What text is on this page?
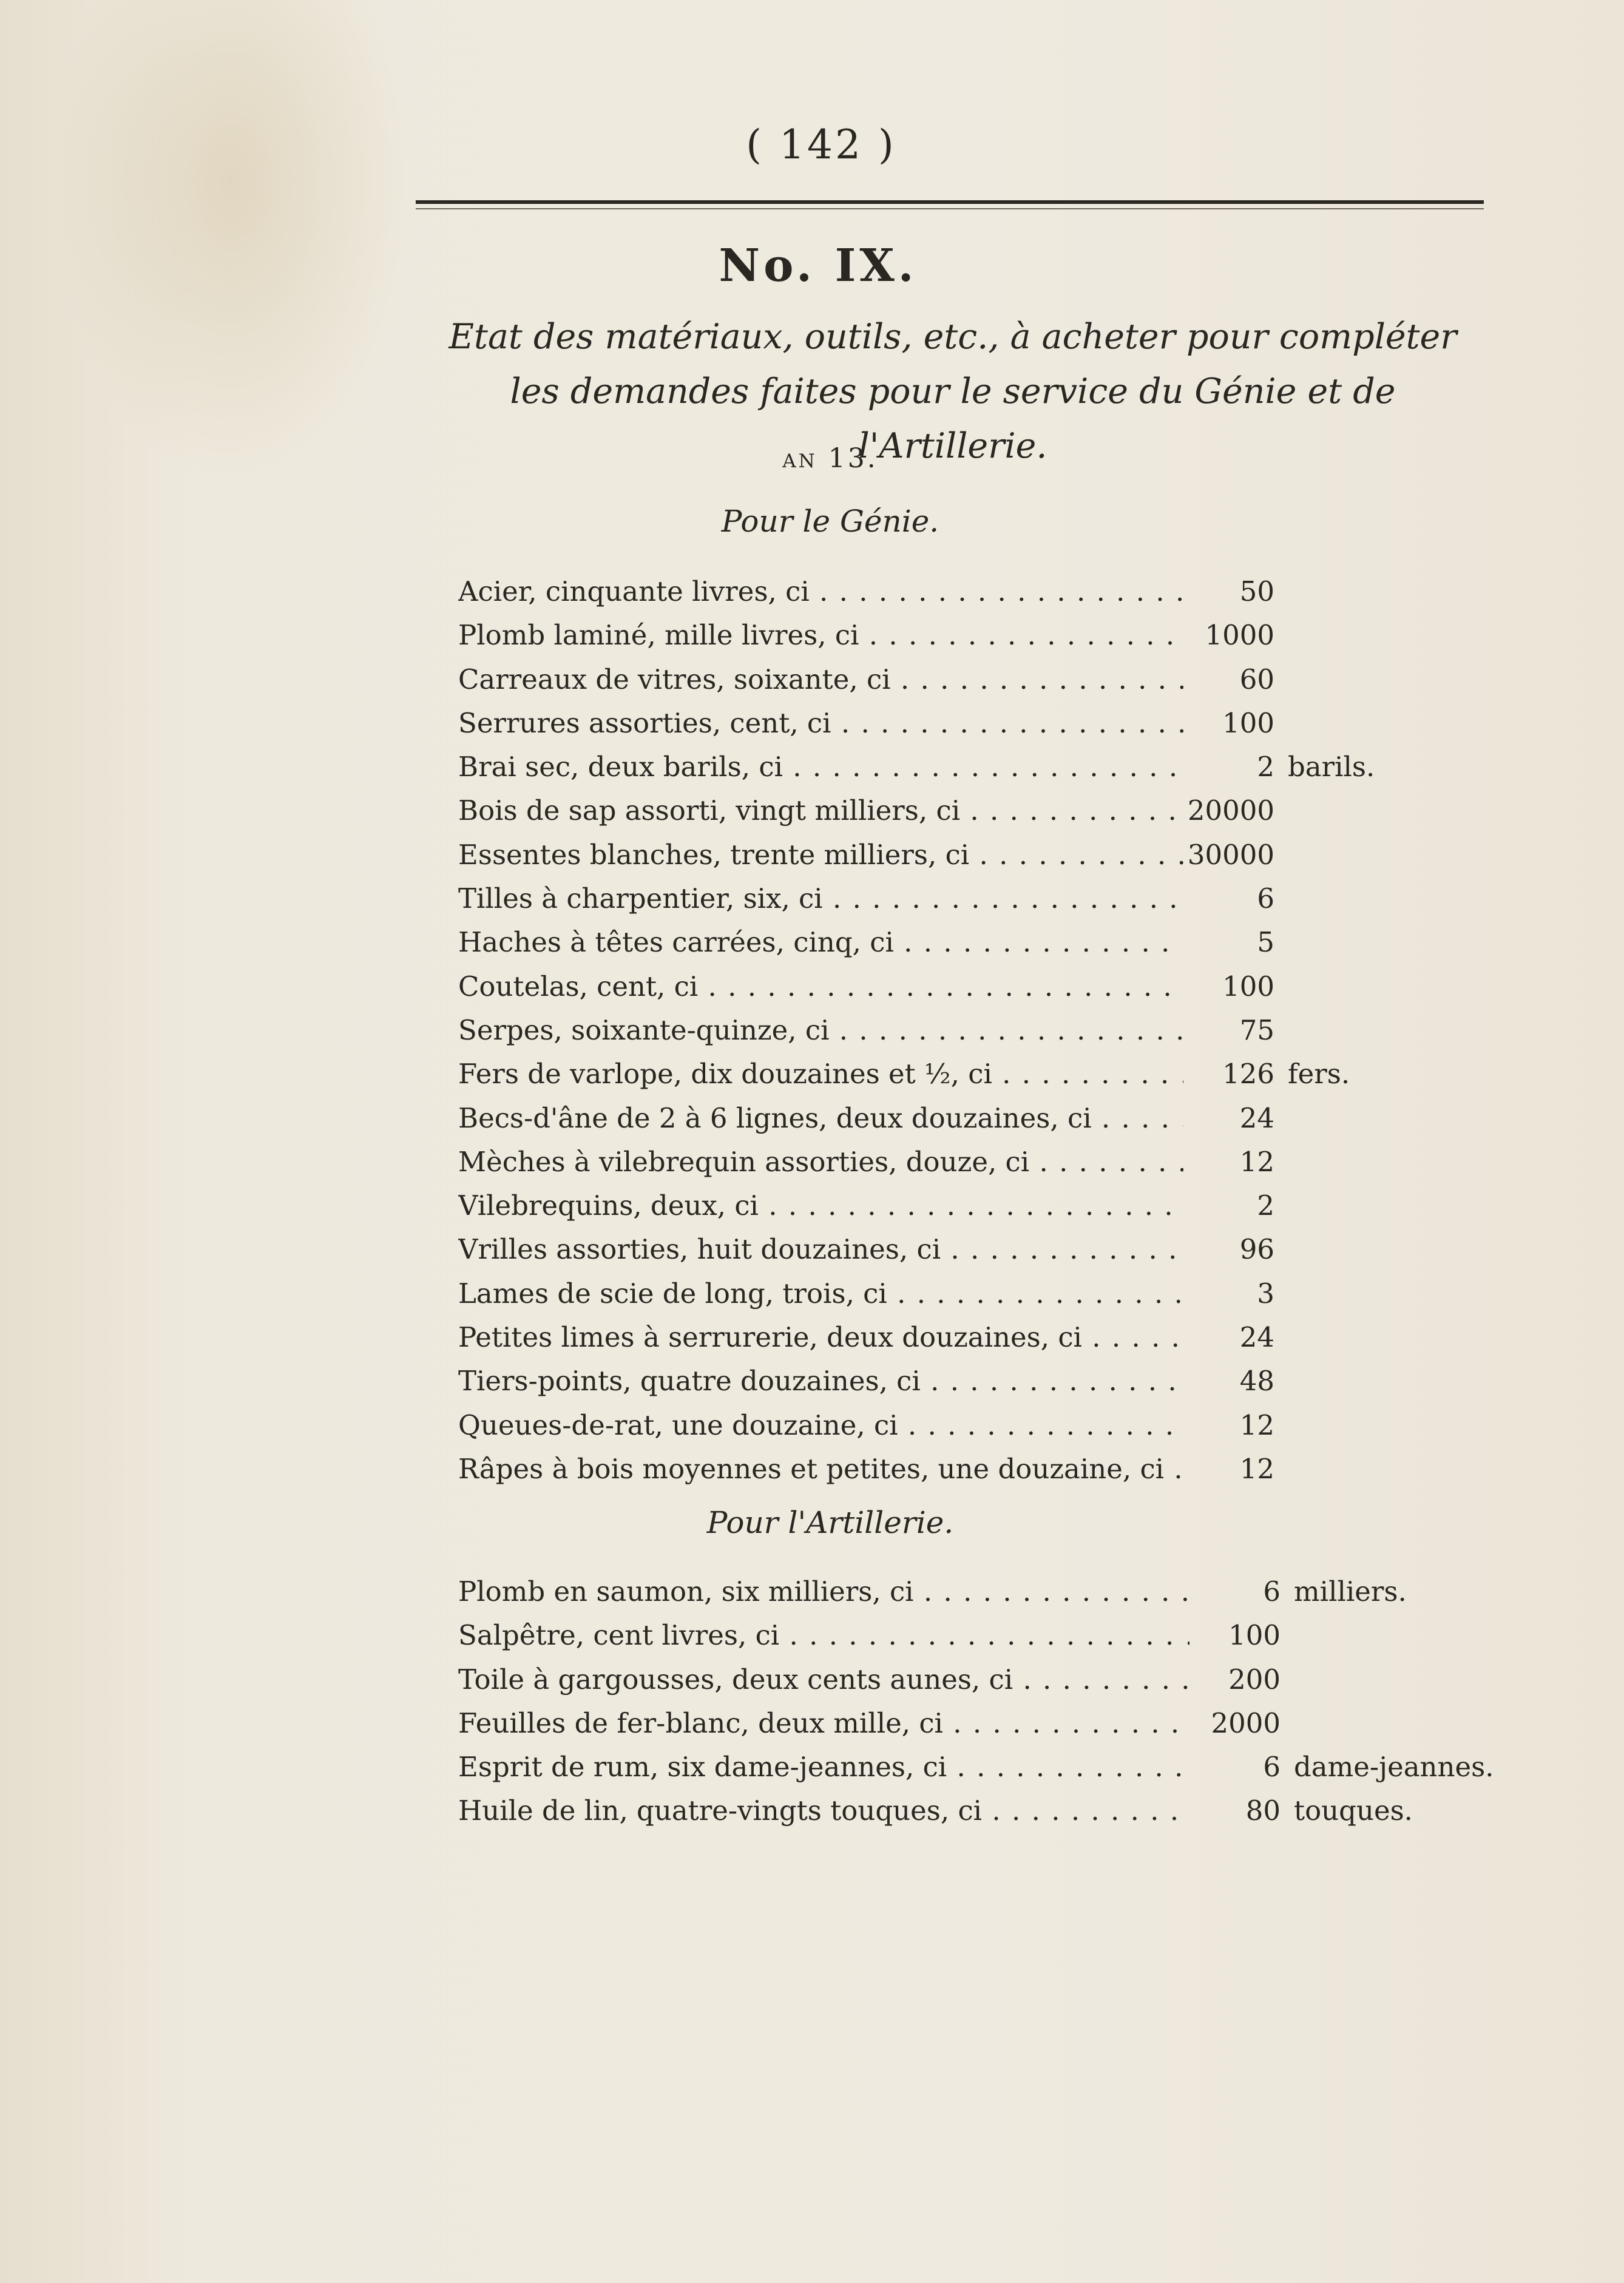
( 142 )
No. IX.
Etat des matériaux, outils, etc., à acheter pour compléter les demandes faites pour le service du Génie et de l'Artillerie.
an 13.
Pour le Génie.
Acier, cinquante livres, ci . . .	50
Plomb laminé, mille livres, ci . . .	1000
Carreaux de vitres, soixante, ci . . .	60
Serrures assorties, cent, ci . . .	100
Brai sec, deux barils, ci . . .	2 barils.
Bois de sap assorti, vingt milliers, ci . . .	20000
Essentes blanches, trente milliers, ci . . .	30000
Tilles à charpentier, six, ci . . .	6
Haches à têtes carrées, cinq, ci . . .	5
Coutelas, cent, ci . . .	100
Serpes, soixante-quinze, ci . . .	75
Fers de varlope, dix douzaines et ½, ci . . .	126 fers.
Becs-d'âne de 2 à 6 lignes, deux douzaines, ci . . .	24
Mèches à vilebrequin assorties, douze, ci . . .	12
Vilebrequins, deux, ci . . .	2
Vrilles assorties, huit douzaines, ci . . .	96
Lames de scie de long, trois, ci . . .	3
Petites limes à serrurerie, deux douzaines, ci . . .	24
Tiers-points, quatre douzaines, ci . . .	48
Queues-de-rat, une douzaine, ci . . .	12
Râpes à bois moyennes et petites, une douzaine, ci . . .	12
Pour l'Artillerie.
Plomb en saumon, six milliers, ci . . .	6 milliers.
Salpêtre, cent livres, ci . . .	100
Toile à gargousses, deux cents aunes, ci . . .	200
Feuilles de fer-blanc, deux mille, ci . . .	2000
Esprit de rum, six dame-jeannes, ci . . .	6 dame-jeannes.
Huile de lin, quatre-vingts touques, ci . . .	80 touques.
